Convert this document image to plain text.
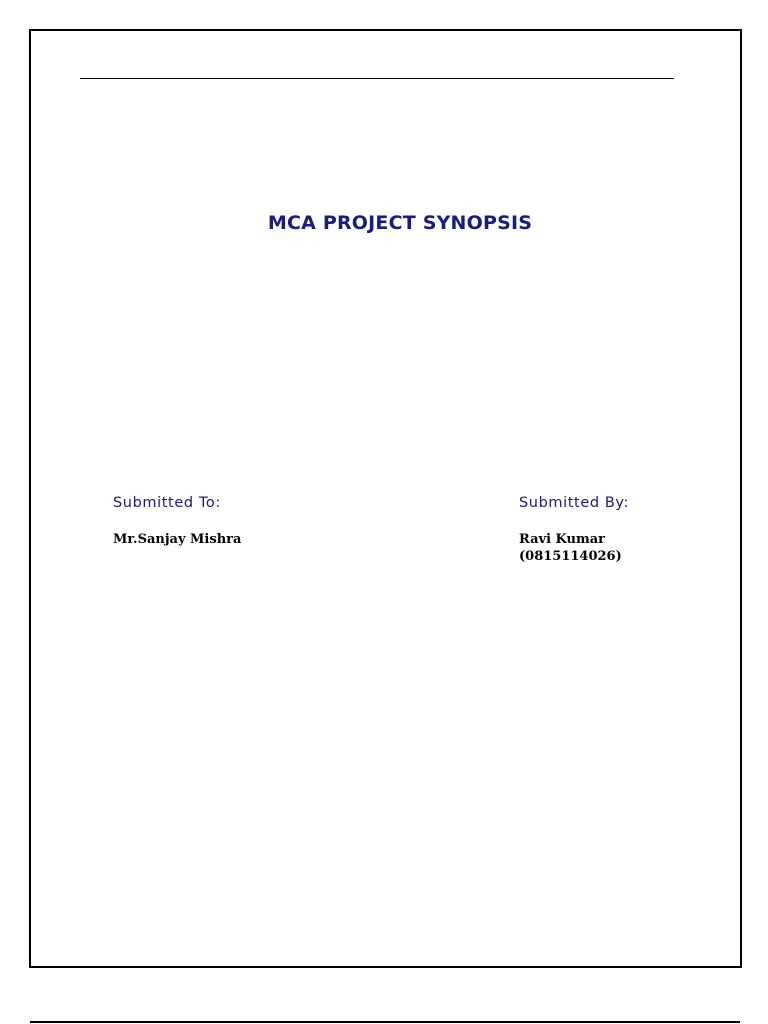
MCA PROJECT SYNOPSIS
Submitted To:	Submitted By:
Mr.Sanjay Mishra	Ravi Kumar
(0815114026)
